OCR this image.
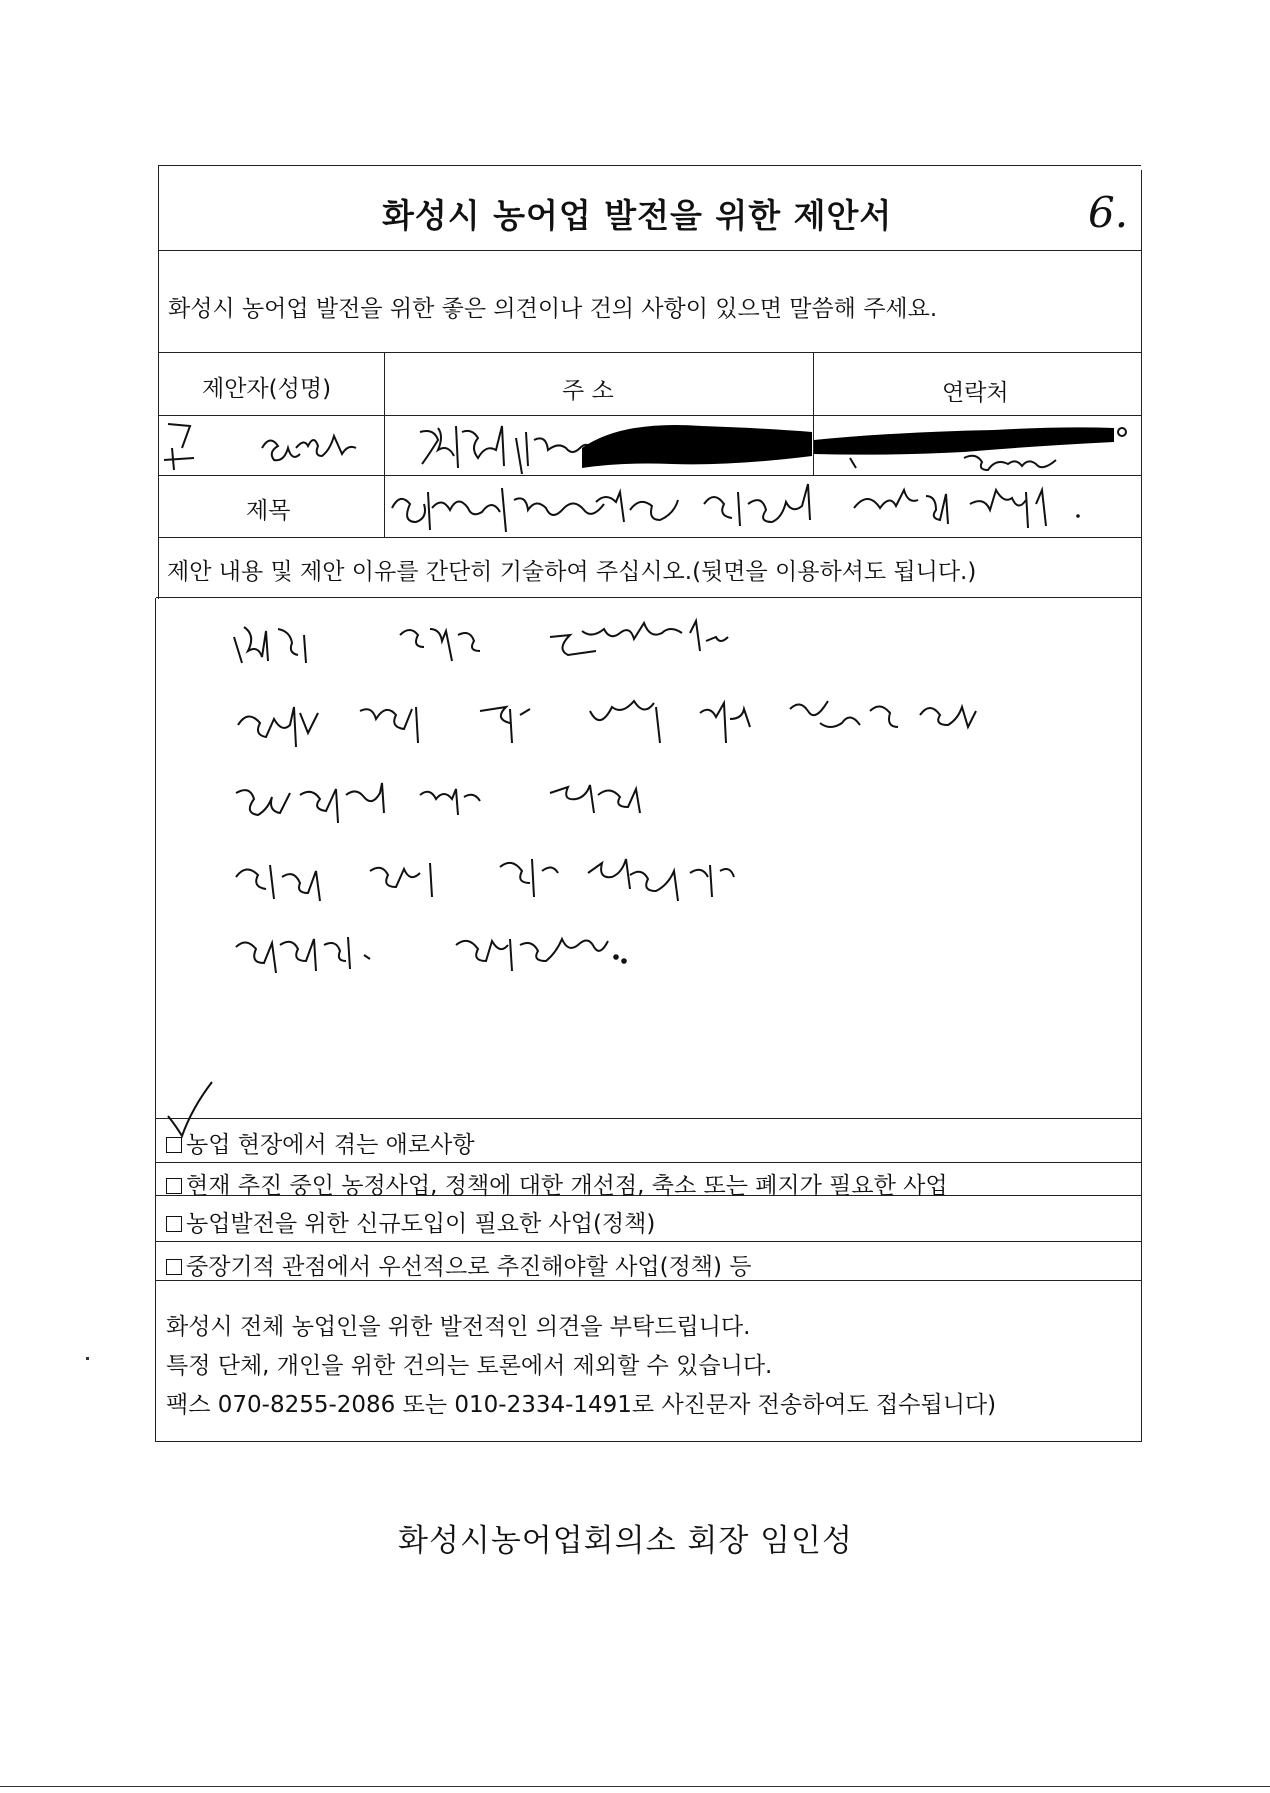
6.
화성시 농어업 발전을 위한 제안서
화성시 농어업 발전을 위한 좋은 의견이나 건의 사항이 있으면 말씀해 주세요.
제안자(성명)	주 소	연락처
제목
제안 내용 및 제안 이유를 간단히 기술하여 주십시오.(뒷면을 이용하셔도 됩니다.)
농업 현장에서 겪는 애로사항
현재 추진 중인 농정사업, 정책에 대한 개선점, 축소 또는 폐지가 필요한 사업
농업발전을 위한 신규도입이 필요한 사업(정책)
중장기적 관점에서 우선적으로 추진해야할 사업(정책) 등
화성시 전체 농업인을 위한 발전적인 의견을 부탁드립니다.
특정 단체, 개인을 위한 건의는 토론에서 제외할 수 있습니다.
팩스 070-8255-2086 또는 010-2334-1491로 사진문자 전송하여도 접수됩니다)
화성시농어업회의소 회장 임인성
